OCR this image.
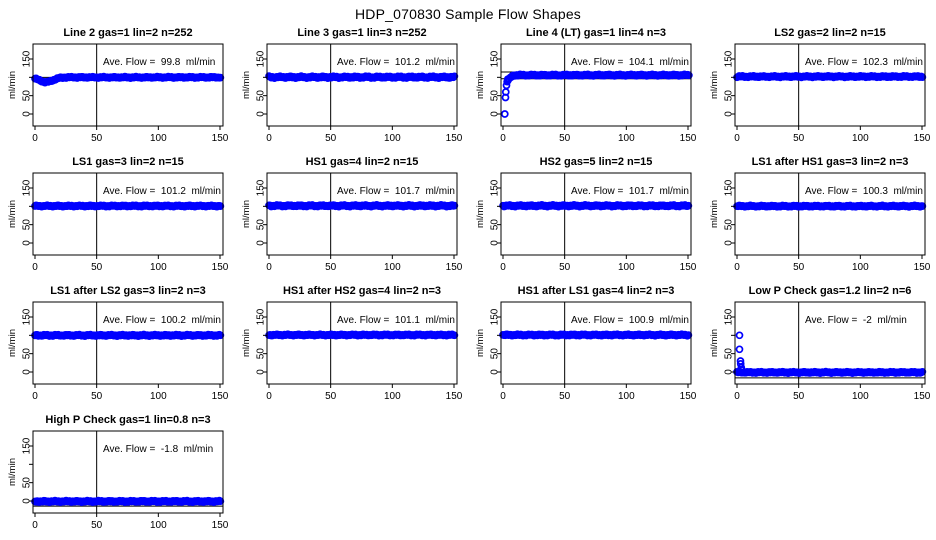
HDP_070830 Sample Flow Shapes
0	50	100	150
0
50
150
ml/min
Line 2 gas=1 lin=2 n=252
Ave. Flow =  99.8  ml/min
0	50	100	150
0
50
150
ml/min
Line 3 gas=1 lin=3 n=252
Ave. Flow =  101.2  ml/min
0	50	100	150
0
50
150
ml/min
Line 4 (LT) gas=1 lin=4 n=3
Ave. Flow =  104.1  ml/min
0	50	100	150
0
50
150
ml/min
LS2 gas=2 lin=2 n=15
Ave. Flow =  102.3  ml/min
0	50	100	150
0
50
150
ml/min
LS1 gas=3 lin=2 n=15
Ave. Flow =  101.2  ml/min
0	50	100	150
0
50
150
ml/min
HS1 gas=4 lin=2 n=15
Ave. Flow =  101.7  ml/min
0	50	100	150
0
50
150
ml/min
HS2 gas=5 lin=2 n=15
Ave. Flow =  101.7  ml/min
0	50	100	150
0
50
150
ml/min
LS1 after HS1 gas=3 lin=2 n=3
Ave. Flow =  100.3  ml/min
0	50	100	150
0
50
150
ml/min
LS1 after LS2 gas=3 lin=2 n=3
Ave. Flow =  100.2  ml/min
0	50	100	150
0
50
150
ml/min
HS1 after HS2 gas=4 lin=2 n=3
Ave. Flow =  101.1  ml/min
0	50	100	150
0
50
150
ml/min
HS1 after LS1 gas=4 lin=2 n=3
Ave. Flow =  100.9  ml/min
0	50	100	150
0
50
150
ml/min
Low P Check gas=1.2 lin=2 n=6
Ave. Flow =  -2  ml/min
0	50	100	150
0
50
150
ml/min
High P Check gas=1 lin=0.8 n=3
Ave. Flow =  -1.8  ml/min
